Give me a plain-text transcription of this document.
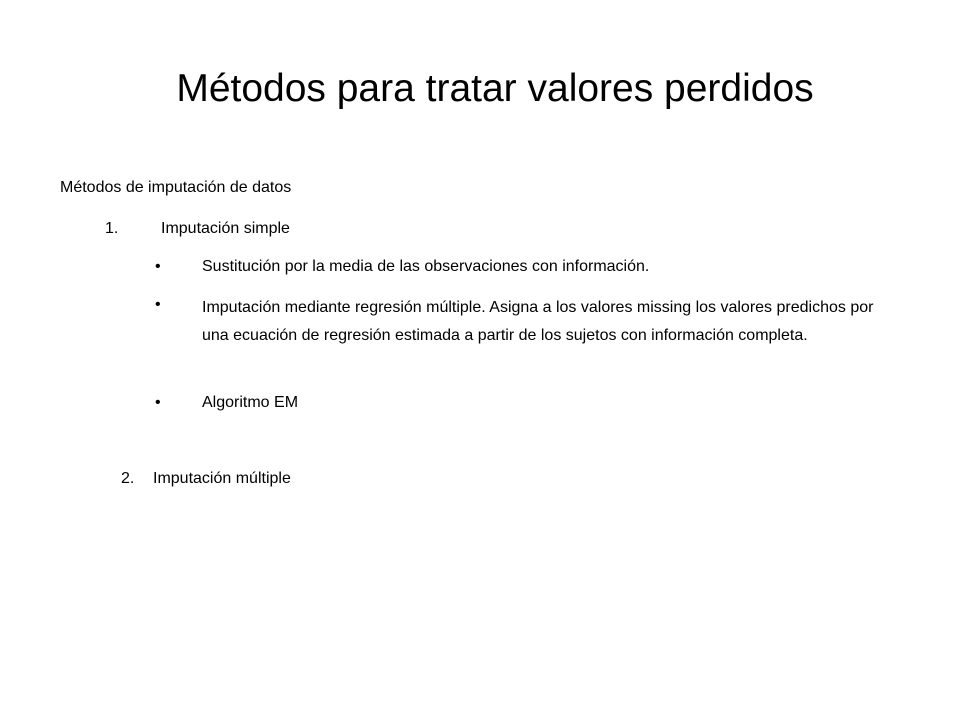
Métodos para tratar valores perdidos
Métodos de imputación de datos
1.	Imputación simple
•	Sustitución por la media de las observaciones con información.
•	Imputación mediante regresión múltiple. Asigna a los valores missing los valores predichos por una ecuación de regresión estimada a partir de los sujetos con información completa.
•	Algoritmo EM
2. Imputación múltiple
